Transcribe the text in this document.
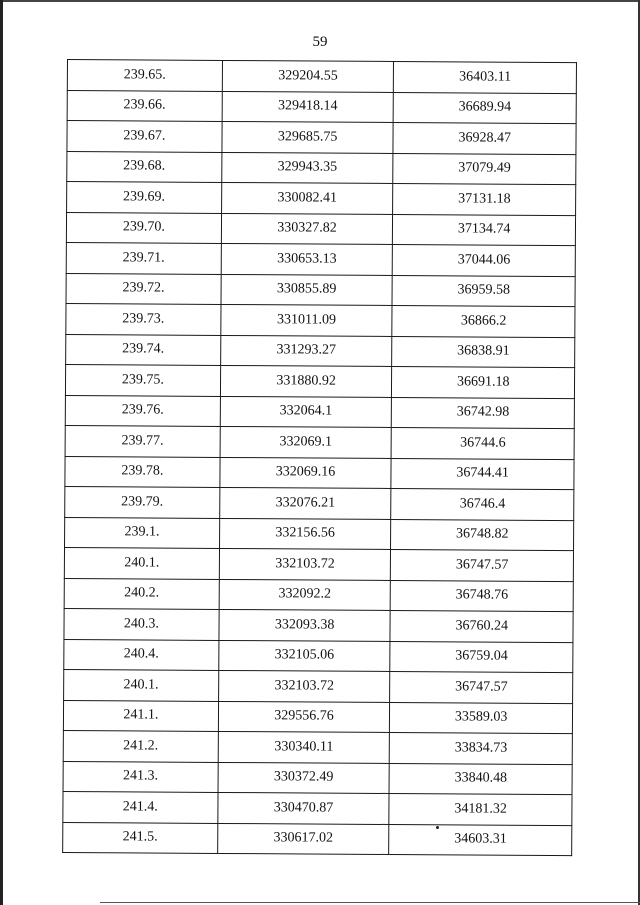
59
239.65.	329204.55	36403.11
239.66.	329418.14	36689.94
239.67.	329685.75	36928.47
239.68.	329943.35	37079.49
239.69.	330082.41	37131.18
239.70.	330327.82	37134.74
239.71.	330653.13	37044.06
239.72.	330855.89	36959.58
239.73.	331011.09	36866.2
239.74.	331293.27	36838.91
239.75.	331880.92	36691.18
239.76.	332064.1	36742.98
239.77.	332069.1	36744.6
239.78.	332069.16	36744.41
239.79.	332076.21	36746.4
239.1.	332156.56	36748.82
240.1.	332103.72	36747.57
240.2.	332092.2	36748.76
240.3.	332093.38	36760.24
240.4.	332105.06	36759.04
240.1.	332103.72	36747.57
241.1.	329556.76	33589.03
241.2.	330340.11	33834.73
241.3.	330372.49	33840.48
241.4.	330470.87	34181.32
241.5.	330617.02	34603.31
